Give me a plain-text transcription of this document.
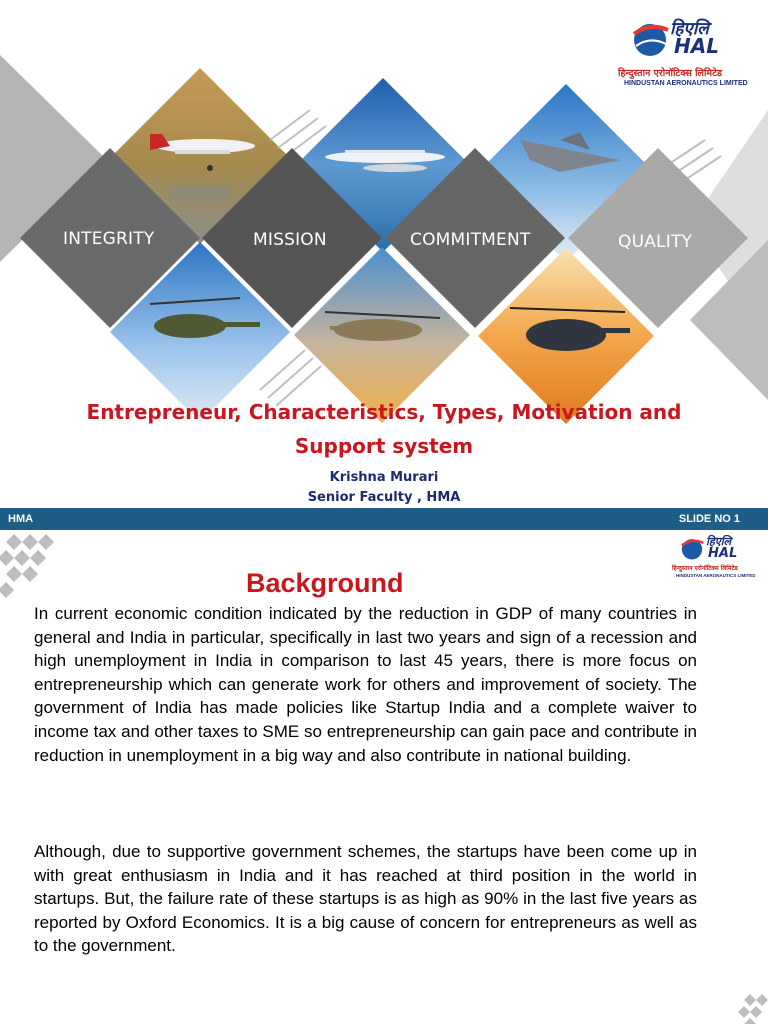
INTEGRITY	MISSION	COMMITMENT	QUALITY
हिएलि
HAL
हिन्दुस्तान एरोनॉटिक्स लिमिटेड
HINDUSTAN AERONAUTICS LIMITED
Entrepreneur, Characteristics, Types, Motivation and
Support system
Krishna Murari
Senior Faculty , HMA
HMA	SLIDE NO 1
हिएलि
HAL
हिन्दुस्तान एरोनॉटिक्स लिमिटेड
HINDUSTAN AERONAUTICS LIMITED
Background

In current economic condition indicated by the reduction in GDP of many countries in general and India in particular, specifically in last two years and sign of a recession and high unemployment in India in comparison to last 45 years, there is more focus on entrepreneurship which can generate work for others and improvement of society. The government of India has made policies like Startup India and a complete waiver to income tax and other taxes to SME so entrepreneurship can gain pace and contribute in reduction in unemployment in a big way and also contribute in national building.

Although, due to supportive government schemes, the startups have been come up in with great enthusiasm in India and it has reached at third position in the world in startups. But, the failure rate of these startups is as high as 90% in the last five years as reported by Oxford Economics. It is a big cause of concern for entrepreneurs as well as to the government.
